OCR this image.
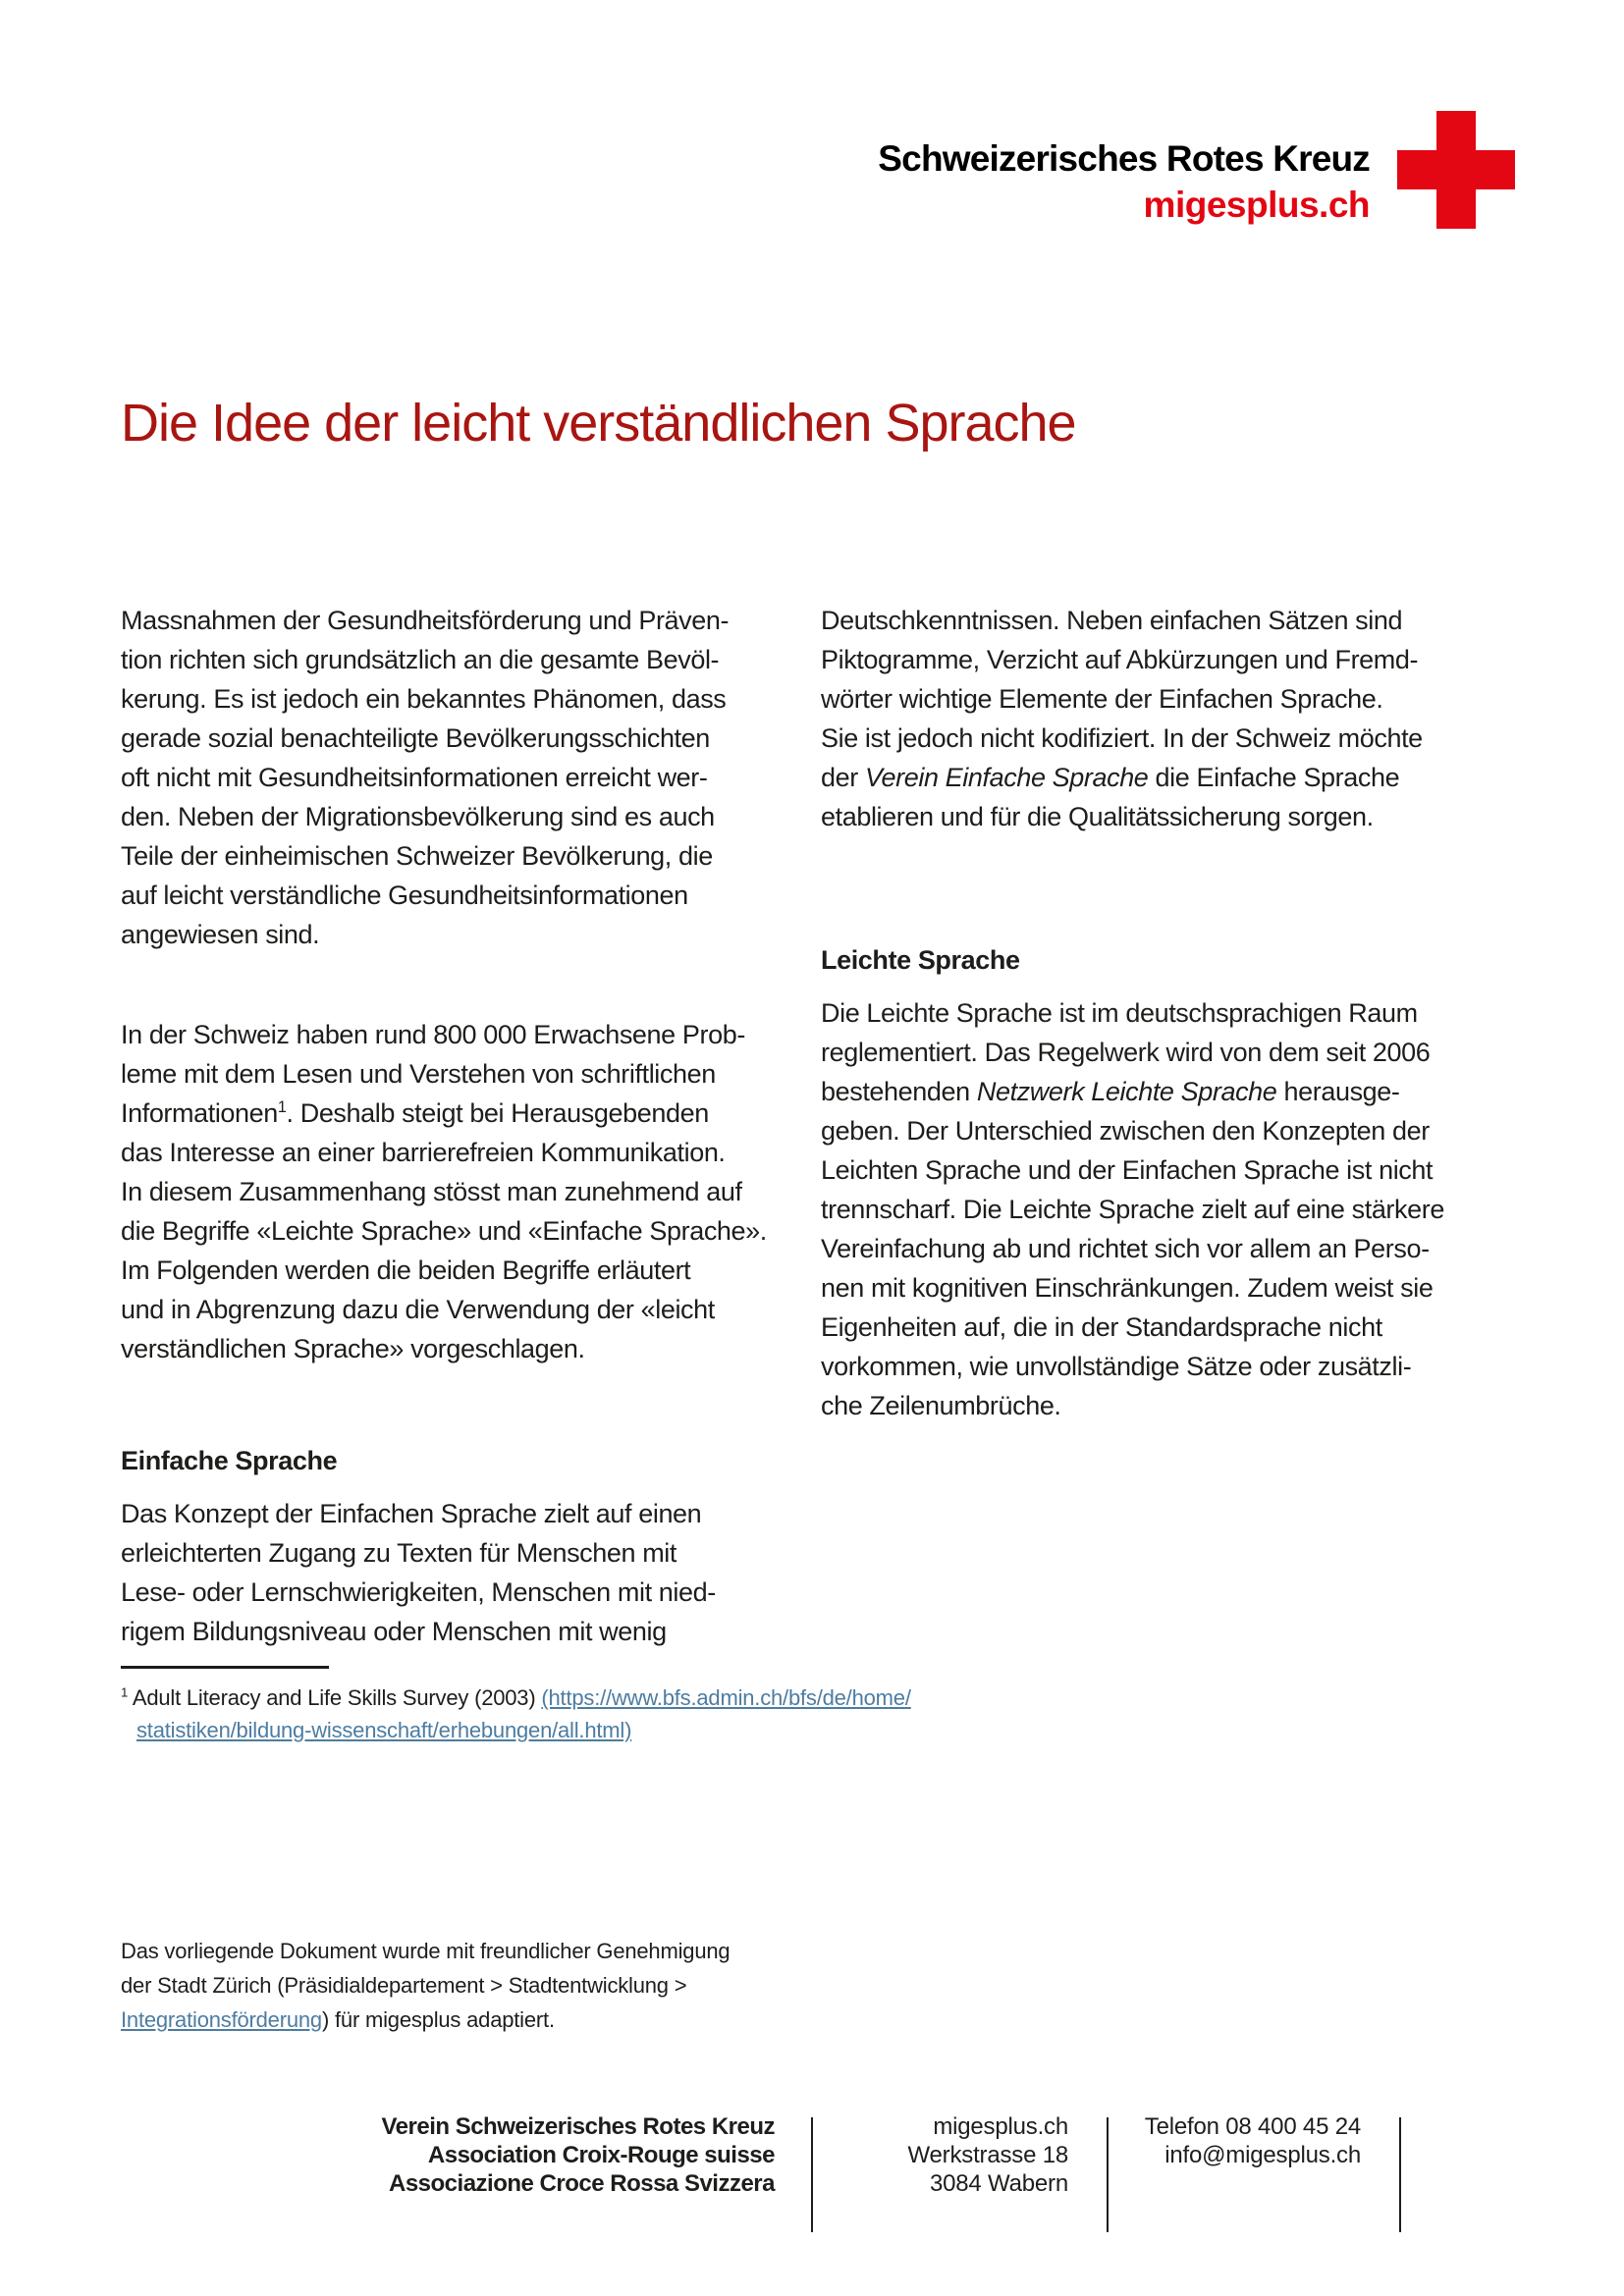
Schweizerisches Rotes Kreuz
migesplus.ch
Die Idee der leicht verständlichen Sprache

Massnahmen der Gesundheitsförderung und Präven-
tion richten sich grundsätzlich an die gesamte Bevöl-
kerung. Es ist jedoch ein bekanntes Phänomen, dass
gerade sozial benachteiligte Bevölkerungsschichten
oft nicht mit Gesundheitsinformationen erreicht wer-
den. Neben der Migrationsbevölkerung sind es auch
Teile der einheimischen Schweizer Bevölkerung, die
auf leicht verständliche Gesundheitsinformationen
angewiesen sind.

In der Schweiz haben rund 800 000 Erwachsene Prob-
leme mit dem Lesen und Verstehen von schriftlichen
Informationen$^1$. Deshalb steigt bei Herausgebenden
das Interesse an einer barrierefreien Kommunikation.
In diesem Zusammenhang stösst man zunehmend auf
die Begriffe «Leichte Sprache» und «Einfache Sprache».
Im Folgenden werden die beiden Begriffe erläutert
und in Abgrenzung dazu die Verwendung der «leicht
verständlichen Sprache» vorgeschlagen.

Einfache Sprache

Das Konzept der Einfachen Sprache zielt auf einen
erleichterten Zugang zu Texten für Menschen mit
Lese- oder Lernschwierigkeiten, Menschen mit nied-
rigem Bildungsniveau oder Menschen mit wenig

Deutschkenntnissen. Neben einfachen Sätzen sind
Piktogramme, Verzicht auf Abkürzungen und Fremd-
wörter wichtige Elemente der Einfachen Sprache.
Sie ist jedoch nicht kodifiziert. In der Schweiz möchte
der Verein Einfache Sprache die Einfache Sprache
etablieren und für die Qualitätssicherung sorgen.

Leichte Sprache

Die Leichte Sprache ist im deutschsprachigen Raum
reglementiert. Das Regelwerk wird von dem seit 2006
bestehenden Netzwerk Leichte Sprache herausge-
geben. Der Unterschied zwischen den Konzepten der
Leichten Sprache und der Einfachen Sprache ist nicht
trennscharf. Die Leichte Sprache zielt auf eine stärkere
Vereinfachung ab und richtet sich vor allem an Perso-
nen mit kognitiven Einschränkungen. Zudem weist sie
Eigenheiten auf, die in der Standardsprache nicht
vorkommen, wie unvollständige Sätze oder zusätzli-
che Zeilenumbrüche.

$^1$ Adult Literacy and Life Skills Survey (2003) (https://www.bfs.admin.ch/bfs/de/home/
statistiken/bildung-wissenschaft/erhebungen/all.html)

Das vorliegende Dokument wurde mit freundlicher Genehmigung
der Stadt Zürich (Präsidialdepartement > Stadtentwicklung >
Integrationsförderung) für migesplus adaptiert.

Verein Schweizerisches Rotes Kreuz
Association Croix-Rouge suisse
Associazione Croce Rossa Svizzera
migesplus.ch
Werkstrasse 18
3084 Wabern
Telefon 08 400 45 24
info@migesplus.ch
